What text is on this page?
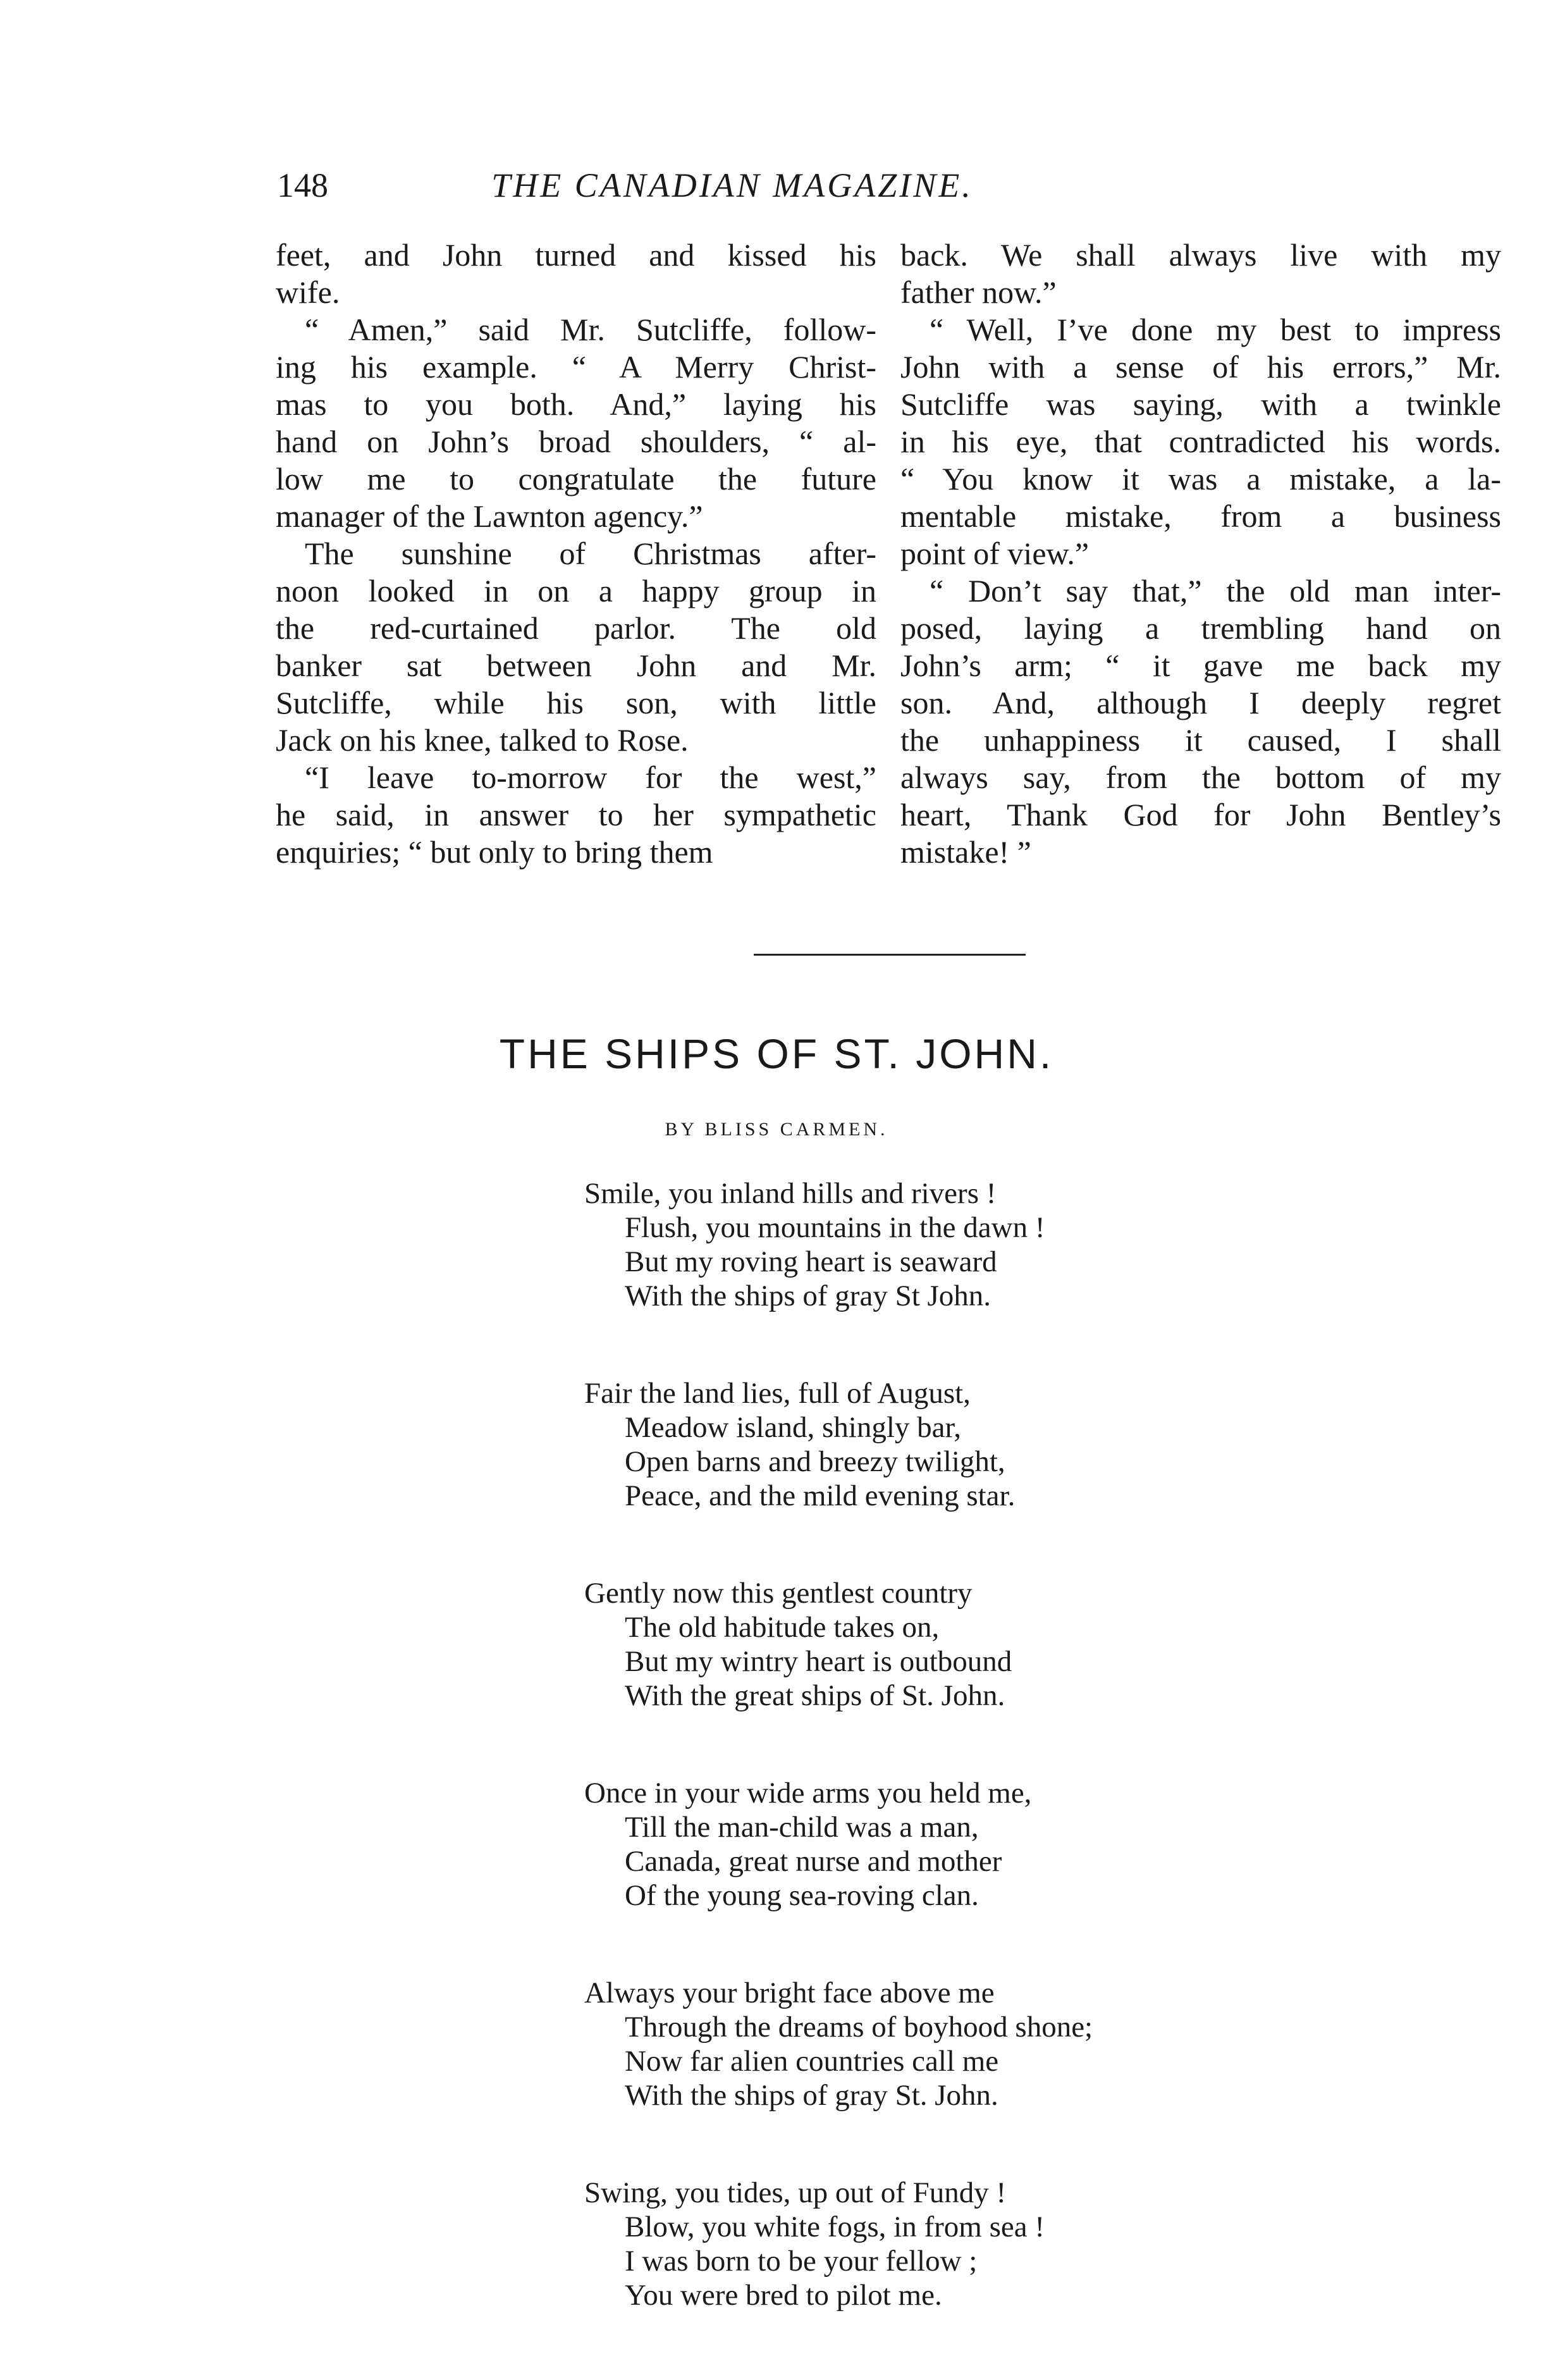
148	THE CANADIAN MAGAZINE.

feet, and John turned and kissed his
wife.

“ Amen,” said Mr. Sutcliffe, follow-
ing his example. “ A Merry Christ-
mas to you both. And,” laying his
hand on John’s broad shoulders, “ al-
low me to congratulate the future
manager of the Lawnton agency.”

The sunshine of Christmas after-
noon looked in on a happy group in
the red-curtained parlor. The old
banker sat between John and Mr.
Sutcliffe, while his son, with little
Jack on his knee, talked to Rose.

“I leave to-morrow for the west,”
he said, in answer to her sympathetic
enquiries; “ but only to bring them

back. We shall always live with my
father now.”

“ Well, I’ve done my best to impress
John with a sense of his errors,” Mr.
Sutcliffe was saying, with a twinkle
in his eye, that contradicted his words.
“ You know it was a mistake, a la-
mentable mistake, from a business
point of view.”

“ Don’t say that,” the old man inter-
posed, laying a trembling hand on
John’s arm; “ it gave me back my
son. And, although I deeply regret
the unhappiness it caused, I shall
always say, from the bottom of my
heart, Thank God for John Bentley’s
mistake! ”

THE SHIPS OF ST. JOHN.
BY BLISS CARMEN.
Smile, you inland hills and rivers !
Flush, you mountains in the dawn !
But my roving heart is seaward
With the ships of gray St John.
Fair the land lies, full of August,
Meadow island, shingly bar,
Open barns and breezy twilight,
Peace, and the mild evening star.
Gently now this gentlest country
The old habitude takes on,
But my wintry heart is outbound
With the great ships of St. John.
Once in your wide arms you held me,
Till the man-child was a man,
Canada, great nurse and mother
Of the young sea-roving clan.
Always your bright face above me
Through the dreams of boyhood shone;
Now far alien countries call me
With the ships of gray St. John.
Swing, you tides, up out of Fundy !
Blow, you white fogs, in from sea !
I was born to be your fellow ;
You were bred to pilot me.
